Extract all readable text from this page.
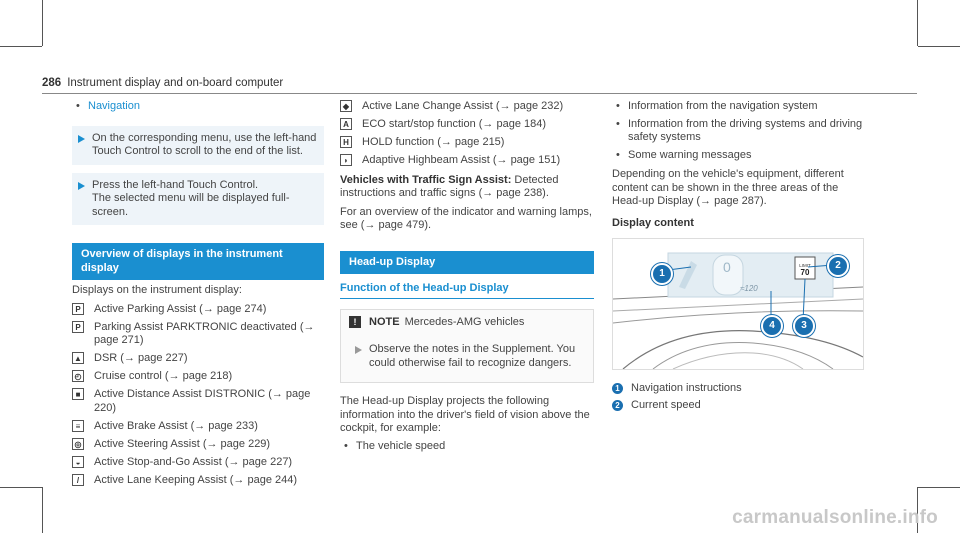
286 Instrument display and on-board computer
• Navigation
On the corresponding menu, use the left-hand Touch Control to scroll to the end of the list.
Press the left-hand Touch Control.
The selected menu will be displayed full-screen.
Overview of displays in the instrument display
Displays on the instrument display:
P	Active Parking Assist (→ page 274)
P	Parking Assist PARKTRONIC deactivated (→ page 271)
▲ DSR (→ page 227)
◴ Cruise control (→ page 218)
■	Active Distance Assist DISTRONIC (→ page 220)
≡	Active Brake Assist (→ page 233)
◎ Active Steering Assist (→ page 229)
◒	Active Stop-and-Go Assist (→ page 227)
/	Active Lane Keeping Assist (→ page 244)
◆ Active Lane Change Assist (→ page 232)
A ECO start/stop function (→ page 184)
H HOLD function (→ page 215)
◗	Adaptive Highbeam Assist (→ page 151)
Vehicles with Traffic Sign Assist: Detected instructions and traffic signs (→ page 238).
For an overview of the indicator and warning lamps, see (→ page 479).
Head-up Display
Function of the Head-up Display
!	NOTE Mercedes-AMG vehicles
Observe the notes in the Supplement. You could otherwise fail to recognize dangers.
The Head-up Display projects the following information into the driver's field of vision above the cockpit, for example:
• The vehicle speed
• Information from the navigation system
• Information from the driving systems and driving safety systems
• Some warning messages
Depending on the vehicle's equipment, different content can be shown in the three areas of the Head-up Display (→ page 287).
Display content
0
≈120
LIMIT
70
1
2
4	3
1 Navigation instructions
2 Current speed
carmanualsonline.info
